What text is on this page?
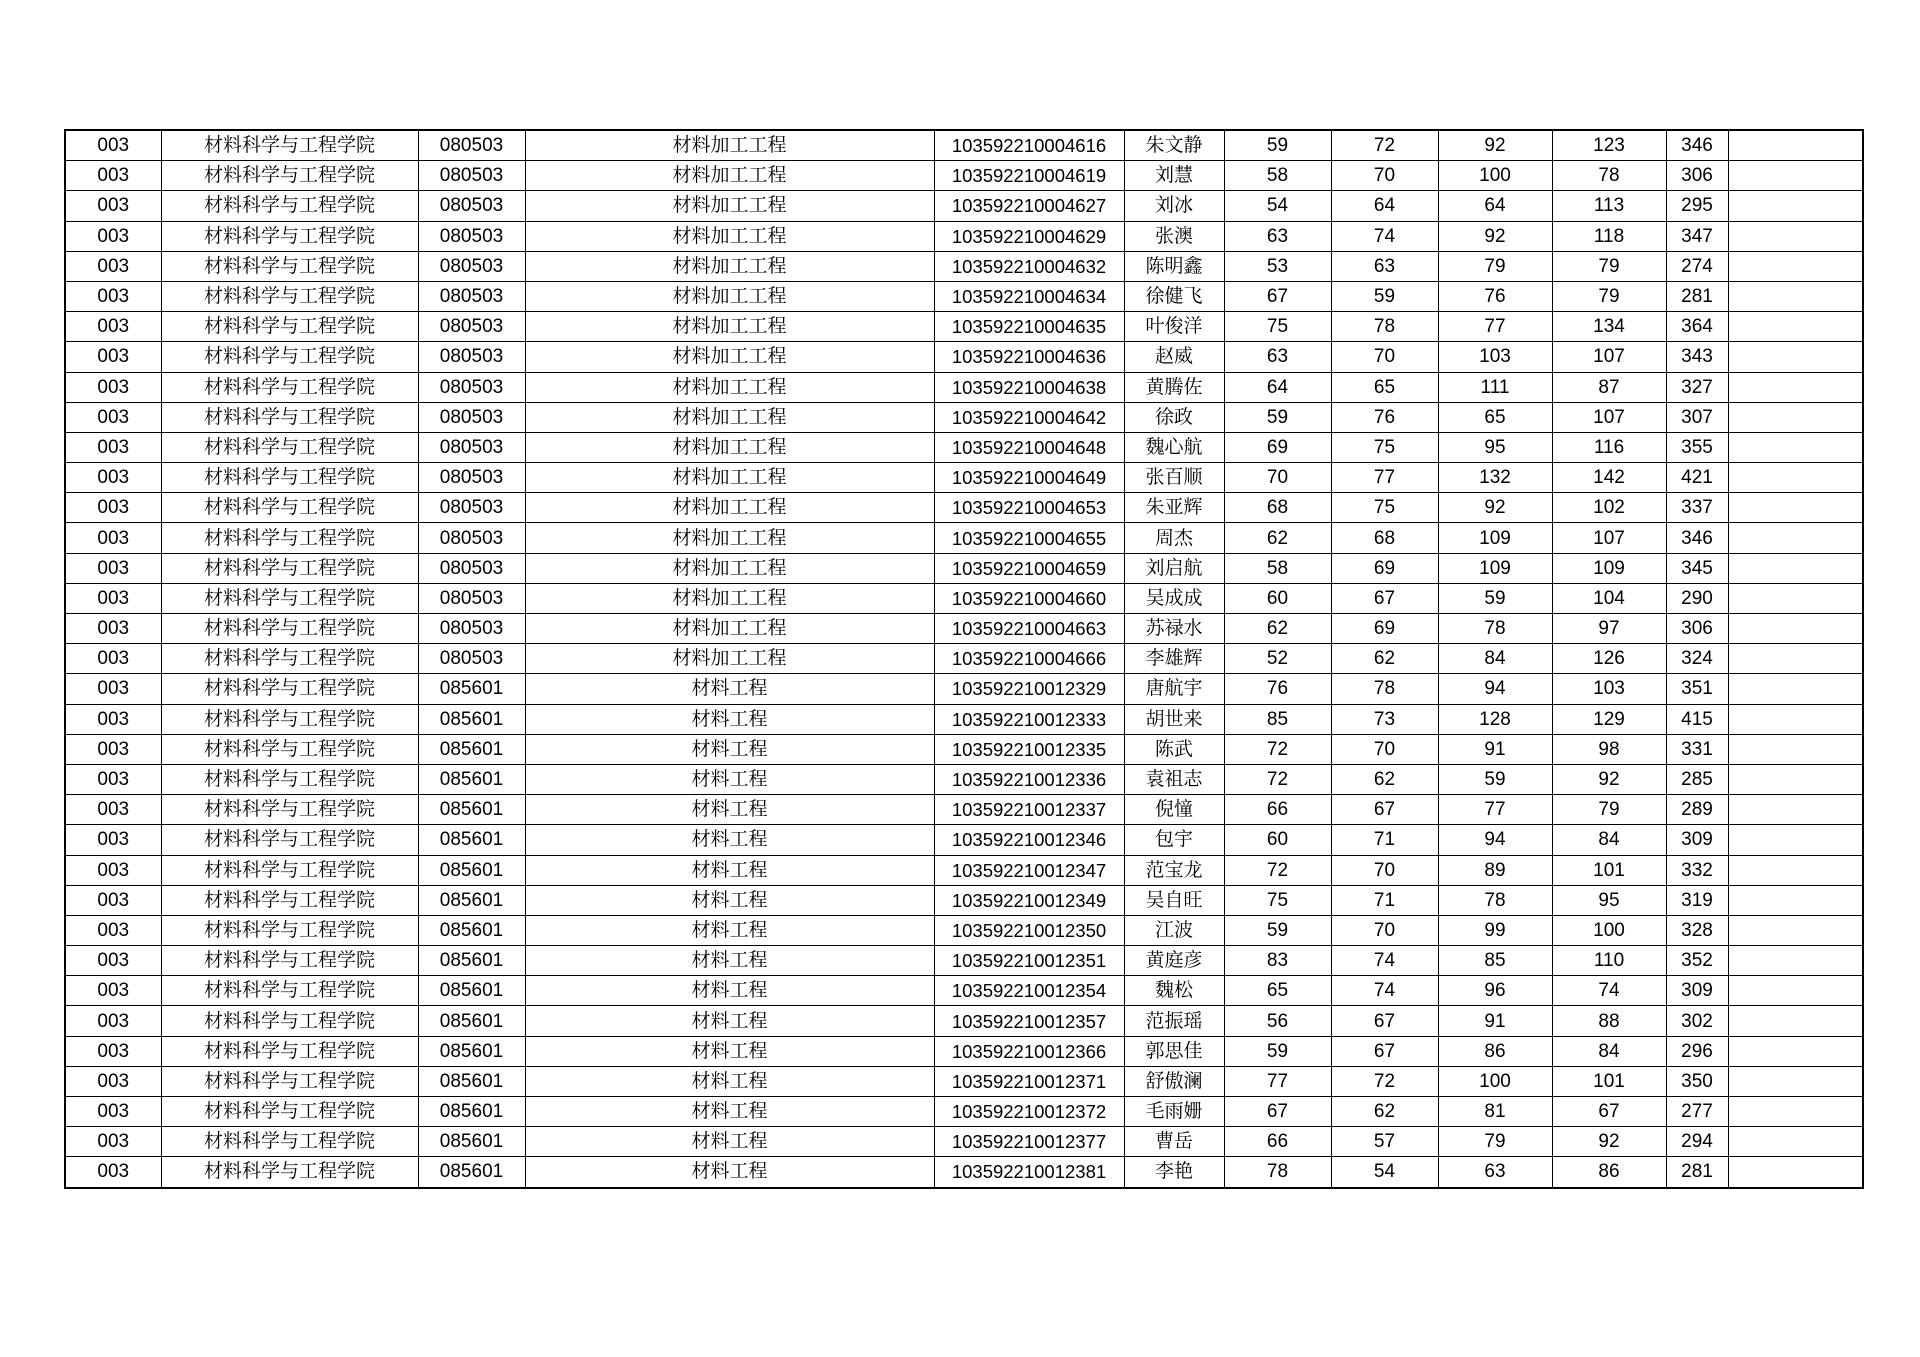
003	材料科学与工程学院	080503	材料加工工程	103592210004616	朱文静	59	72	92	123	346	
003	材料科学与工程学院	080503	材料加工工程	103592210004619	刘慧	58	70	100	78	306	
003	材料科学与工程学院	080503	材料加工工程	103592210004627	刘冰	54	64	64	113	295	
003	材料科学与工程学院	080503	材料加工工程	103592210004629	张澳	63	74	92	118	347	
003	材料科学与工程学院	080503	材料加工工程	103592210004632	陈明鑫	53	63	79	79	274	
003	材料科学与工程学院	080503	材料加工工程	103592210004634	徐健飞	67	59	76	79	281	
003	材料科学与工程学院	080503	材料加工工程	103592210004635	叶俊洋	75	78	77	134	364	
003	材料科学与工程学院	080503	材料加工工程	103592210004636	赵威	63	70	103	107	343	
003	材料科学与工程学院	080503	材料加工工程	103592210004638	黄腾佐	64	65	111	87	327	
003	材料科学与工程学院	080503	材料加工工程	103592210004642	徐政	59	76	65	107	307	
003	材料科学与工程学院	080503	材料加工工程	103592210004648	魏心航	69	75	95	116	355	
003	材料科学与工程学院	080503	材料加工工程	103592210004649	张百顺	70	77	132	142	421	
003	材料科学与工程学院	080503	材料加工工程	103592210004653	朱亚辉	68	75	92	102	337	
003	材料科学与工程学院	080503	材料加工工程	103592210004655	周杰	62	68	109	107	346	
003	材料科学与工程学院	080503	材料加工工程	103592210004659	刘启航	58	69	109	109	345	
003	材料科学与工程学院	080503	材料加工工程	103592210004660	吴成成	60	67	59	104	290	
003	材料科学与工程学院	080503	材料加工工程	103592210004663	苏禄水	62	69	78	97	306	
003	材料科学与工程学院	080503	材料加工工程	103592210004666	李雄辉	52	62	84	126	324	
003	材料科学与工程学院	085601	材料工程	103592210012329	唐航宇	76	78	94	103	351	
003	材料科学与工程学院	085601	材料工程	103592210012333	胡世来	85	73	128	129	415	
003	材料科学与工程学院	085601	材料工程	103592210012335	陈武	72	70	91	98	331	
003	材料科学与工程学院	085601	材料工程	103592210012336	袁祖志	72	62	59	92	285	
003	材料科学与工程学院	085601	材料工程	103592210012337	倪憧	66	67	77	79	289	
003	材料科学与工程学院	085601	材料工程	103592210012346	包宇	60	71	94	84	309	
003	材料科学与工程学院	085601	材料工程	103592210012347	范宝龙	72	70	89	101	332	
003	材料科学与工程学院	085601	材料工程	103592210012349	吴自旺	75	71	78	95	319	
003	材料科学与工程学院	085601	材料工程	103592210012350	江波	59	70	99	100	328	
003	材料科学与工程学院	085601	材料工程	103592210012351	黄庭彦	83	74	85	110	352	
003	材料科学与工程学院	085601	材料工程	103592210012354	魏松	65	74	96	74	309	
003	材料科学与工程学院	085601	材料工程	103592210012357	范振瑶	56	67	91	88	302	
003	材料科学与工程学院	085601	材料工程	103592210012366	郭思佳	59	67	86	84	296	
003	材料科学与工程学院	085601	材料工程	103592210012371	舒傲澜	77	72	100	101	350	
003	材料科学与工程学院	085601	材料工程	103592210012372	毛雨姗	67	62	81	67	277	
003	材料科学与工程学院	085601	材料工程	103592210012377	曹岳	66	57	79	92	294	
003	材料科学与工程学院	085601	材料工程	103592210012381	李艳	78	54	63	86	281	
